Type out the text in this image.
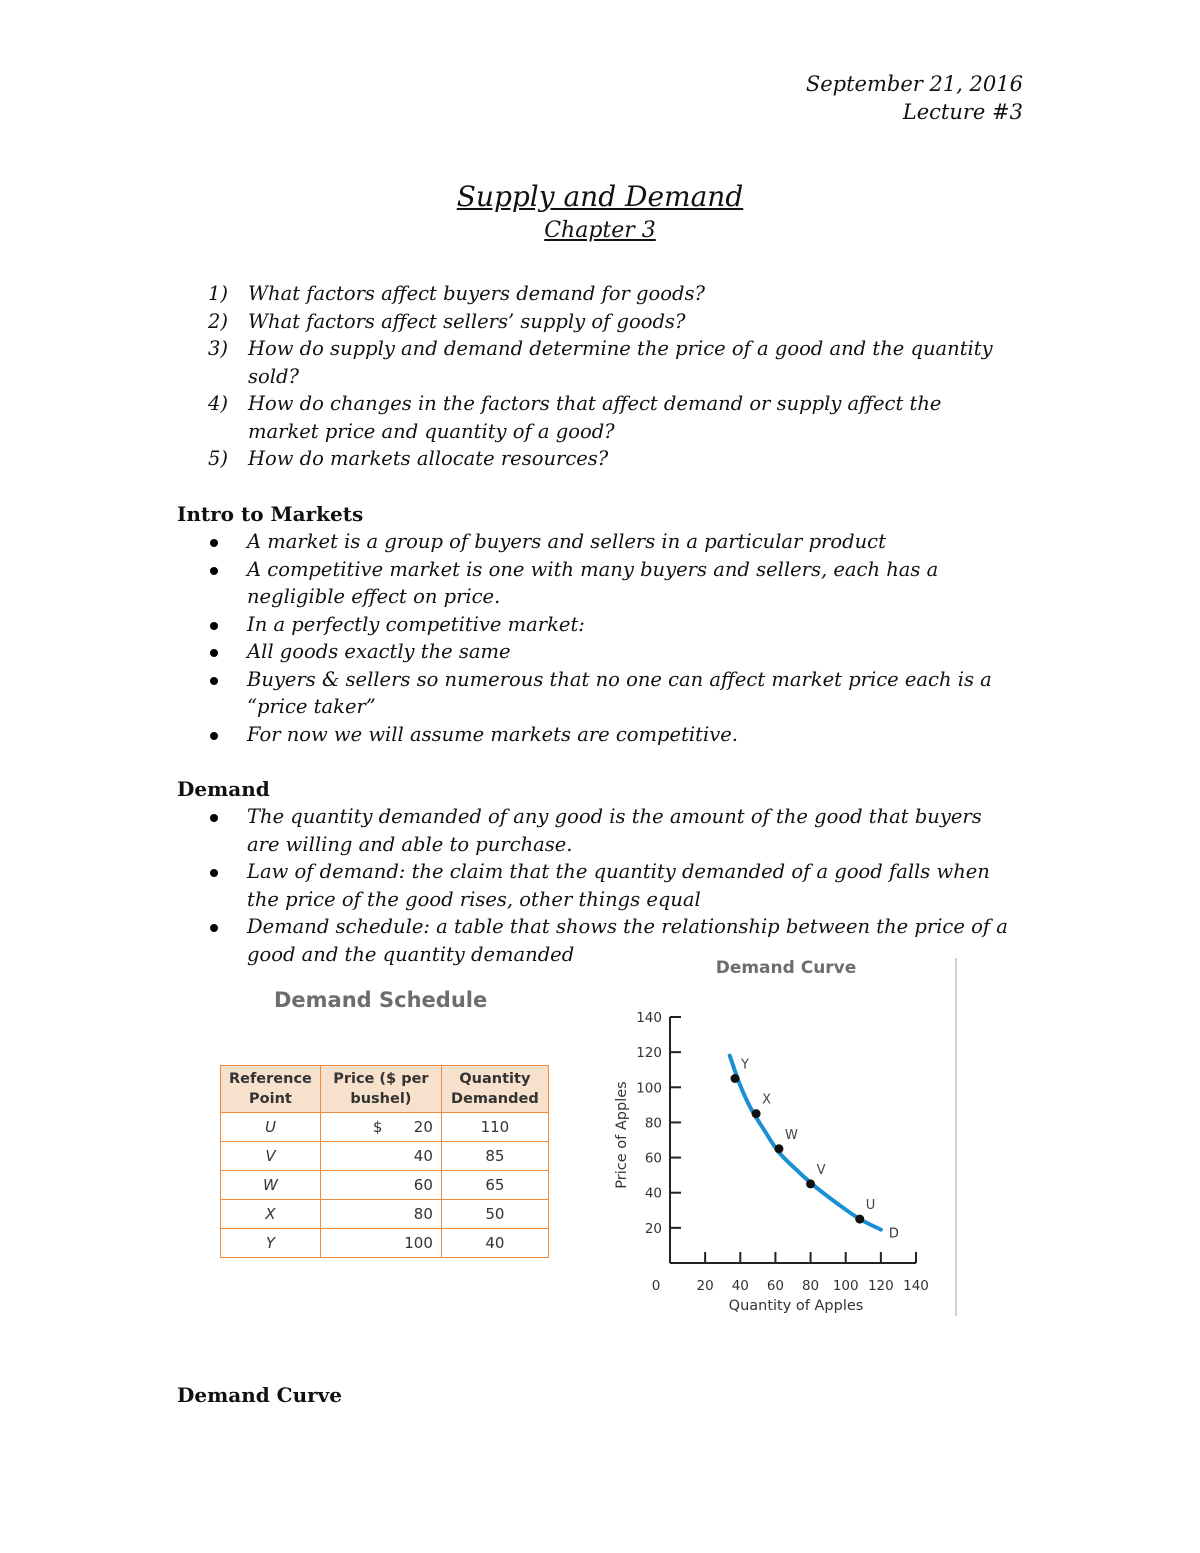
September 21, 2016
Lecture #3
Supply and Demand
Chapter 3
1) What factors affect buyers demand for goods?
2) What factors affect sellers’ supply of goods?
3) How do supply and demand determine the price of a good and the quantity sold?
4) How do changes in the factors that affect demand or supply affect the market price and quantity of a good?
5) How do markets allocate resources?
Intro to Markets
A market is a group of buyers and sellers in a particular product
A competitive market is one with many buyers and sellers, each has a negligible effect on price.
In a perfectly competitive market:
All goods exactly the same
Buyers & sellers so numerous that no one can affect market price each is a “price taker”
For now we will assume markets are competitive.
Demand
The quantity demanded of any good is the amount of the good that buyers are willing and able to purchase.
Law of demand: the claim that the quantity demanded of a good falls when the price of the good rises, other things equal
Demand schedule: a table that shows the relationship between the price of a good and the quantity demanded
Demand Schedule
Reference Point	Price ($ per bushel)	Quantity Demanded
U	$ 20	110
V	40	85
W	60	65
X	80	50
Y	100	40
Demand Curve
20
40
60
80
100
120
140
20 40 60 80 100 120 140
0
Quantity of Apples
Price of Apples
D
Y
X
W
V
U
Demand Curve
